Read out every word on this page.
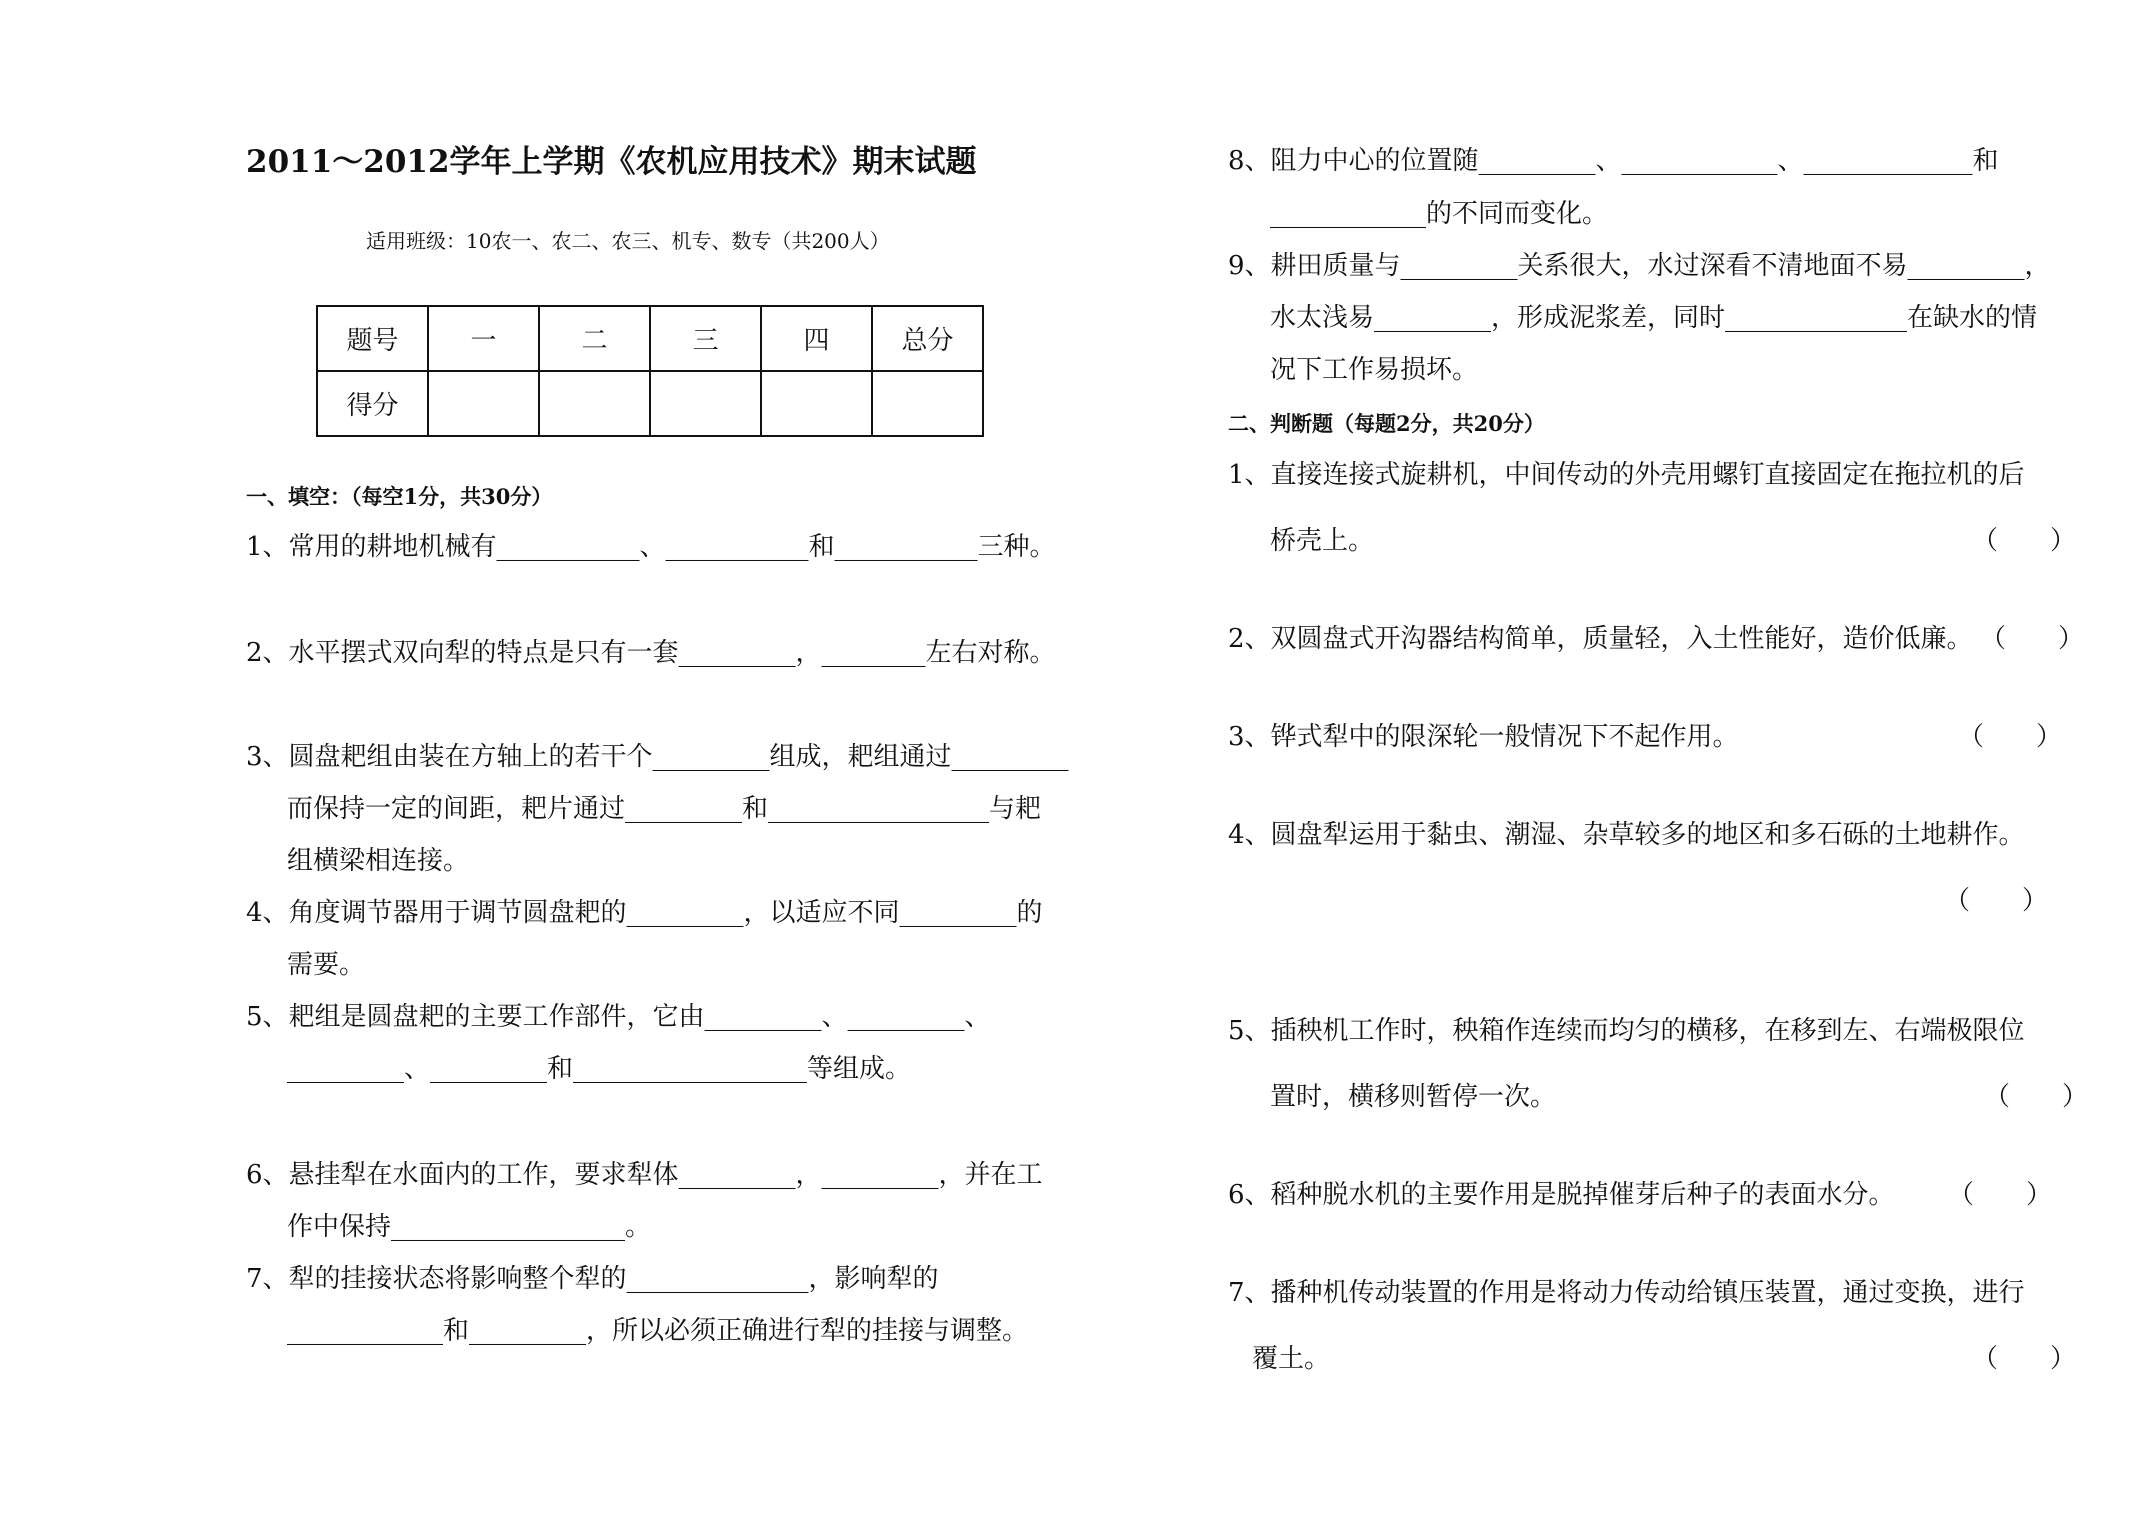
2011～2012学年上学期《农机应用技术》期末试题
适用班级：10农一、农二、农三、机专、数专（共200人）
题号	一	二	三	四	总分
得分					
一、填空：（每空1分，共30分）
1、常用的耕地机械有___________、___________和___________三种。
2、水平摆式双向犁的特点是只有一套_________，________左右对称。
3、圆盘耙组由装在方轴上的若干个_________组成，耙组通过_________
而保持一定的间距，耙片通过_________和_________________与耙
组横梁相连接。
4、角度调节器用于调节圆盘耙的_________，以适应不同_________的
需要。
5、耙组是圆盘耙的主要工作部件，它由_________、_________、
_________、_________和__________________等组成。
6、悬挂犁在水面内的工作，要求犁体_________，_________，并在工
作中保持__________________。
7、犁的挂接状态将影响整个犁的______________，影响犁的
____________和_________，所以必须正确进行犁的挂接与调整。
8、阻力中心的位置随_________、____________、_____________和
____________的不同而变化。
9、耕田质量与_________关系很大，水过深看不清地面不易_________，
水太浅易_________，形成泥浆差，同时______________在缺水的情
况下工作易损坏。
二、判断题（每题2分，共20分）
1、直接连接式旋耕机，中间传动的外壳用螺钉直接固定在拖拉机的后
桥壳上。	（　　）
2、双圆盘式开沟器结构简单，质量轻，入土性能好，造价低廉。 （　　）
3、铧式犁中的限深轮一般情况下不起作用。	（　　）
4、圆盘犁运用于黏虫、潮湿、杂草较多的地区和多石砾的土地耕作。
（　　）
5、插秧机工作时，秧箱作连续而均匀的横移，在移到左、右端极限位
置时，横移则暂停一次。	（　　）
6、稻种脱水机的主要作用是脱掉催芽后种子的表面水分。 （　　）
7、播种机传动装置的作用是将动力传动给镇压装置，通过变换，进行
覆土。	（　　）
